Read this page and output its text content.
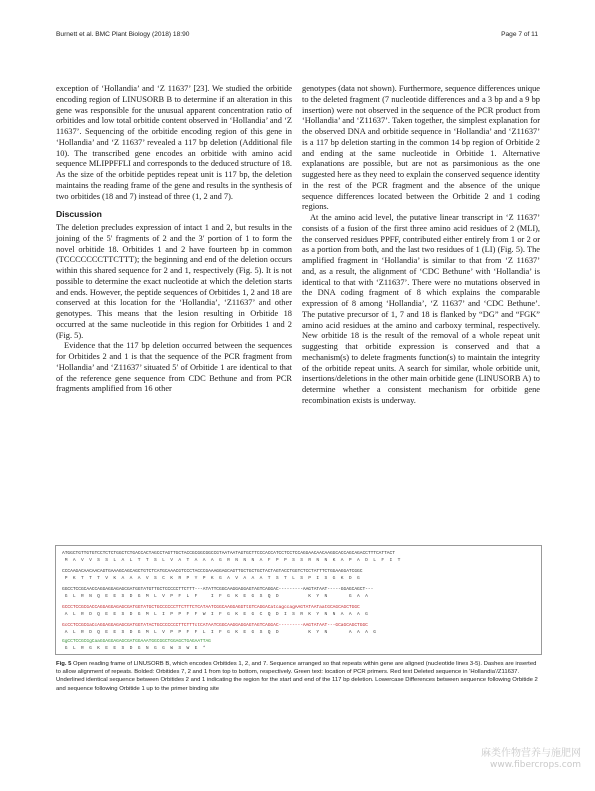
Burnett et al. BMC Plant Biology (2018) 18:90	Page 7 of 11

exception of ‘Hollandia’ and ‘Z 11637’ [23]. We studied the orbitide encoding region of LINUSORB B to determine if an alteration in this gene was responsible for the unusual apparent concentration ratio of orbitides and low total orbitide content observed in ‘Hollandia’ and ‘Z 11637’. Sequencing of the orbitide encoding region of this gene in ‘Hollandia’ and ‘Z 11637’ revealed a 117 bp deletion (Additional file 10). The transcribed gene encodes an orbitide with amino acid sequence MLIPPFFLI and corresponds to the deduced structure of 18. As the size of the orbitide peptides repeat unit is 117 bp, the deletion maintains the reading frame of the gene and results in the synthesis of two orbitides (18 and 7) instead of three (1, 2 and 7).

Discussion

The deletion precludes expression of intact 1 and 2, but results in the joining of the 5′ fragments of 2 and the 3′ portion of 1 to form the novel orbitide 18. Orbitides 1 and 2 have fourteen bp in common (TCCCCCCCTTCTTT); the beginning and end of the deletion occurs within this shared sequence for 2 and 1, respectively (Fig. 5). It is not possible to determine the exact nucleotide at which the deletion starts and ends. However, the peptide sequences of Orbitides 1, 2 and 18 are conserved at this location for the ‘Hollandia’, ‘Z11637’ and other genotypes. This means that the lesion resulting in Orbitide 18 occurred at the same nucleotide in this region for Orbitides 1 and 2 (Fig. 5).

Evidence that the 117 bp deletion occurred between the sequences for Orbitides 2 and 1 is that the sequence of the PCR fragment from ‘Hollandia’ and ‘Z11637’ situated 5′ of Orbitide 1 are identical to that of the reference gene sequence from CDC Bethune and from PCR fragments amplified from 16 other

genotypes (data not shown). Furthermore, sequence differences unique to the deleted fragment (7 nucleotide differences and a 3 bp and a 9 bp insertion) were not observed in the sequence of the PCR product from ‘Hollandia’ and ‘Z11637’. Taken together, the simplest explanation for the observed DNA and orbitide sequence in ‘Hollandia’ and ‘Z11637’ is a 117 bp deletion starting in the common 14 bp region of Orbitide 2 and ending at the same nucleotide in Orbitide 1. Alternative explanations are possible, but are not as parsimonious as the one suggested here as they need to explain the conserved sequence identity in the rest of the PCR fragment and the absence of the unique sequence differences located between the Orbitide 2 and 1 coding regions.

At the amino acid level, the putative linear transcript in ‘Z 11637’ consists of a fusion of the first three amino acid residues of 2 (MLI), the conserved residues PPFF, contributed either entirely from 1 or 2 or as a portion from both, and the last two residues of 1 (LI) (Fig. 5). The amplified fragment in ‘Hollandia’ is similar to that from ‘Z 11637’ and, as a result, the alignment of ‘CDC Bethune’ with ‘Hollandia’ is identical to that with ‘Z11637’. There were no mutations observed in the DNA coding fragment of 8 which explains the comparable expression of 8 among ‘Hollandia’, ‘Z 11637’ and ‘CDC Bethune’. The putative precursor of 1, 7 and 18 is flanked by “DG” and “FGK” amino acid residues at the amino and carboxy terminal, respectively. New orbitide 18 is the result of the removal of a whole repeat unit suggesting that orbitide expression is conserved and that a mechanism(s) to delete fragments function(s) to maintain the integrity of the orbitide repeat units. A search for similar, whole orbitide unit, insertions/deletions in the other main orbitide gene (LINUSORB A) to determine whether a consistent mechanism for orbitide gene recombination exists is underway.

ATGGCTGTTGTGTCCTCTCTGGCTCTGACCACTAGCCTAGTTGCTACCGCGGCGGCCGTAATAATAGTGCTTCCCACCATCCTCCTCCAGGAACAACAAGGCACCAGCAGACCTTTCATTACT
M  A  V  V  S  S  L  A  L  T  T  S  L  V  A  T  A  A  A  G  R  N  N  N  A  F  P  P  S  S  R  N  N  K  A  P  A  D  L  F  I  T
CCCAAGACAACAACAGTGAAAGCAGCAGCTGTCTCATGCAAACGTCCCTACCCGAAAGGAGCAGTTGCTGCTGCTACTAGTACCTGGTCTCCTATTTCTGGAAGGATCGGC
P  K  T  T  T  V  K  A  A  A  V  S  C  K  R  P  Y  P  K  G  A  V  A  A  A  T  S  T  L  S  P  I  S  G  K  D  G
GGCCTCCGCAACCAGGAGGAGAGCGATGGTATGTTGCTCCCCCTTCTTT---ATATTCGGCAAGGAGGAGTAGTCAGGAC---------AAGTATAAT-----GGAGCAGCT---
G  L  R  N  Q  E  E  S  D  G  M  L  V  P  F  L  F     I  F  G  K  E  G  S  Q  D           K  Y  N        G  A  A
GCCCTCCGCGACCAGGAGGAGAGCGATGGTATGCTGCCCCCCTTCTTTCTCATAATCGGCAAGGAGGTtGTCAGGACatcagccagAAGTATAATaatGCAGCAGCTGGC
A  L  R  D  Q  E  E  S  D  G  M  L  I  P  P  F  F  W  I  F  G  K  E  G  C  Q  D  I  S  R  K  Y  N  N  A  A  A  G
GcCCTCCGCGaCcAGGAGGAGAGCGATGGTATACTGCCCCCCCTTCTTTctCATAATCGGCAAGGAGGAGTAGTCAGGAC---------AAGTATAAT---GCaGCAGCTGGC
A  L  R  D  Q  E  E  S  D  G  M  L  V  P  P  F  F  L  I  F  G  K  E  G  S  Q  D           K  Y  N        A  A  A  G
GgCCTCCGCGgCaaGGAGGAGAGCGATGGAAATGGCGGCTGGAGCTGAGAATTAG
G  L  R  G  K  E  E  S  D  G  N  G  G  W  S  W  E  *
Fig. 5 Open reading frame of LINUSORB B, which encodes Orbitides 1, 2, and 7. Sequence arranged so that repeats within gene are aligned (nucleotide lines 3-5). Dashes are inserted to allow alignment of repeats. Bolded: Orbitides 7, 2 and 1 from top to bottom, respectively. Green text: location of PCR primers. Red text Deleted sequence in ‘Hollandia’/Z11637. Underlined identical sequence between Orbitides 2 and 1 indicating the region for the start and end of the 117 bp deletion. Lowercase Differences between sequence following Orbitide 2 and sequence following Orbitide 1 up to the primer binding site
麻类作物营养与施肥网
www.fibercrops.com
